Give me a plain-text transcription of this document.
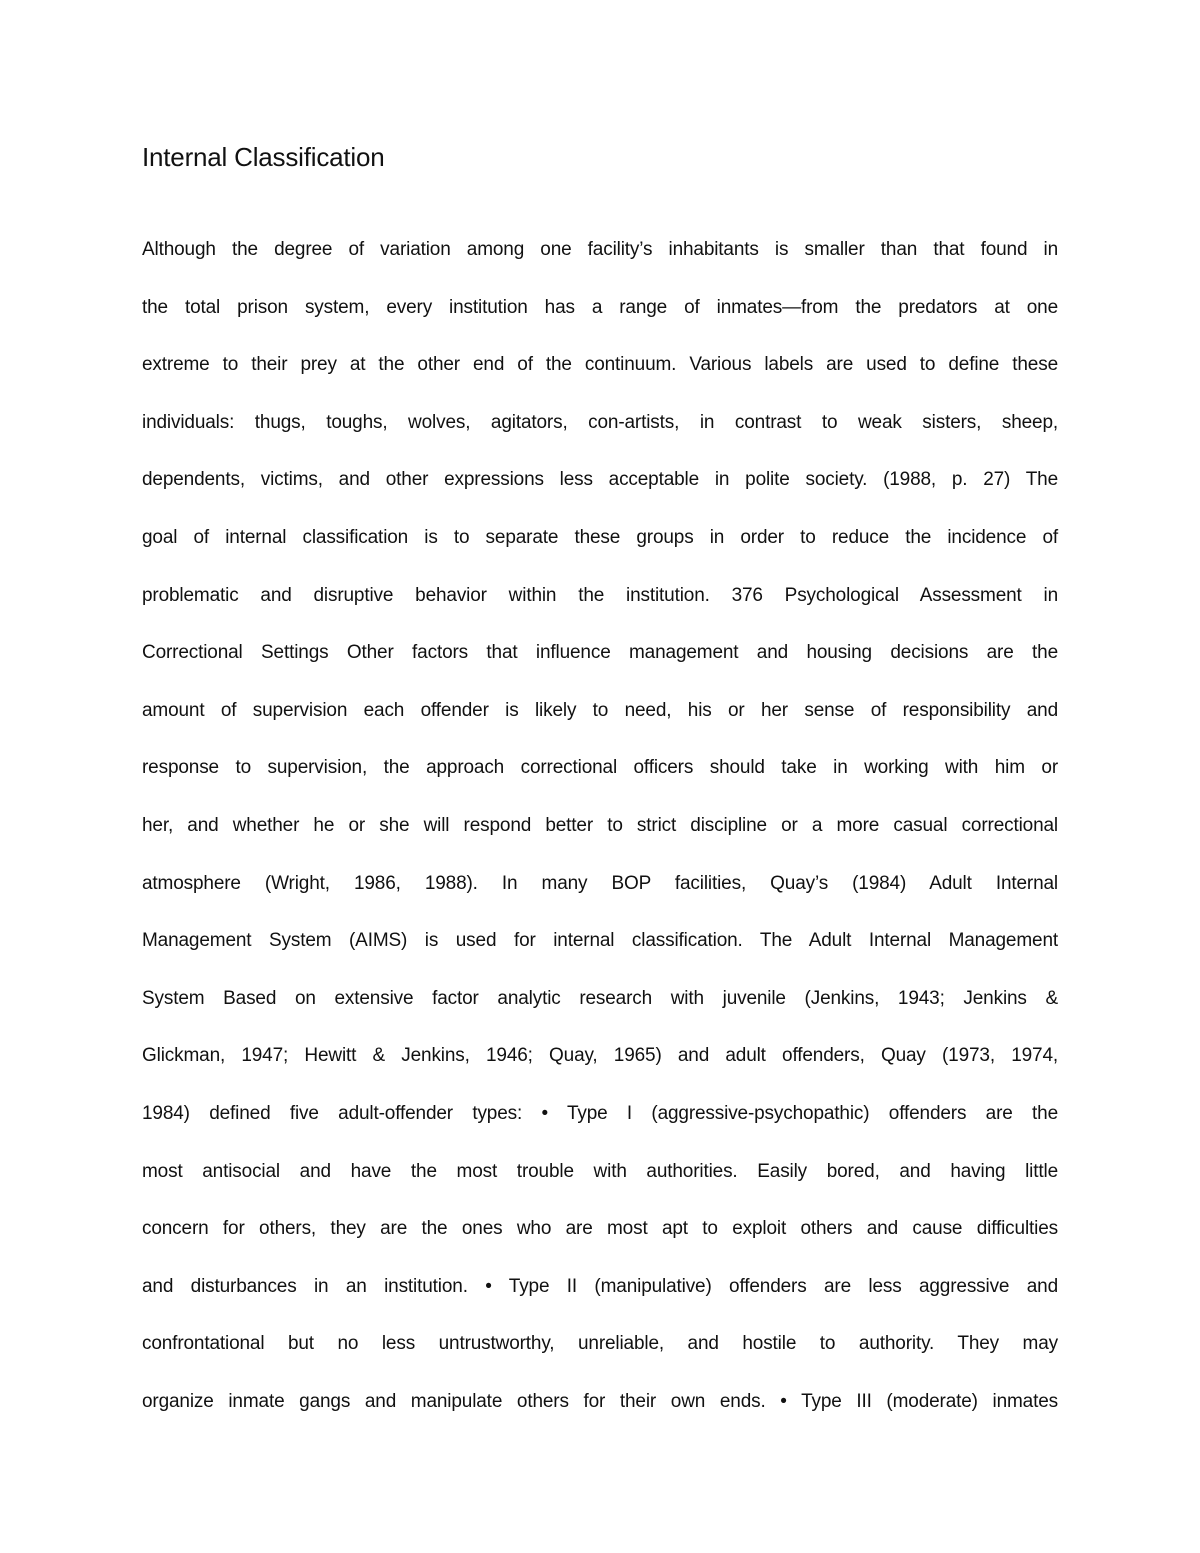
Internal Classification
Although the degree of variation among one facility’s inhabitants is smaller than that found in
the total prison system, every institution has a range of inmates—from the predators at one
extreme to their prey at the other end of the continuum. Various labels are used to define these
individuals: thugs, toughs, wolves, agitators, con-artists, in contrast to weak sisters, sheep,
dependents, victims, and other expressions less acceptable in polite society. (1988, p. 27) The
goal of internal classification is to separate these groups in order to reduce the incidence of
problematic and disruptive behavior within the institution. 376 Psychological Assessment in
Correctional Settings Other factors that influence management and housing decisions are the
amount of supervision each offender is likely to need, his or her sense of responsibility and
response to supervision, the approach correctional officers should take in working with him or
her, and whether he or she will respond better to strict discipline or a more casual correctional
atmosphere (Wright, 1986, 1988). In many BOP facilities, Quay’s (1984) Adult Internal
Management System (AIMS) is used for internal classification. The Adult Internal Management
System Based on extensive factor analytic research with juvenile (Jenkins, 1943; Jenkins &
Glickman, 1947; Hewitt & Jenkins, 1946; Quay, 1965) and adult offenders, Quay (1973, 1974,
1984) defined five adult-offender types: • Type I (aggressive-psychopathic) offenders are the
most antisocial and have the most trouble with authorities. Easily bored, and having little
concern for others, they are the ones who are most apt to exploit others and cause difficulties
and disturbances in an institution. • Type II (manipulative) offenders are less aggressive and
confrontational but no less untrustworthy, unreliable, and hostile to authority. They may
organize inmate gangs and manipulate others for their own ends. • Type III (moderate) inmates
